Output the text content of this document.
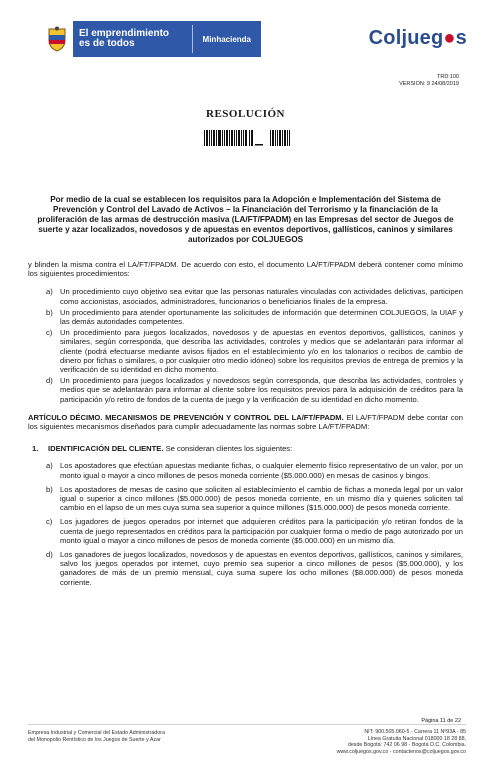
El emprendimiento
es de todos	Minhacienda	Coljueg●s
TRD:100
VERSION: 9 24/08/2019
RESOLUCIÓN
Por medio de la cual se establecen los requisitos para la Adopción e Implementación del Sistema de Prevención y Control del Lavado de Activos – la Financiación del Terrorismo y la financiación de la proliferación de las armas de destrucción masiva (LA/FT/FPADM) en las Empresas del sector de Juegos de suerte y azar localizados, novedosos y de apuestas en eventos deportivos, gallísticos, caninos y similares autorizados por COLJUEGOS

y blinden la misma contra el LA/FT/FPADM. De acuerdo con esto, el documento LA/FT/FPADM deberá contener como mínimo los siguientes procedimientos:

a) Un procedimiento cuyo objetivo sea evitar que las personas naturales vinculadas con actividades delictivas, participen como accionistas, asociados, administradores, funcionarios o beneficiarios finales de la empresa.
b) Un procedimiento para atender oportunamente las solicitudes de información que determinen COLJUEGOS, la UIAF y las demás autoridades competentes.
c)	Un procedimiento para juegos localizados, novedosos y de apuestas en eventos deportivos, gallísticos, caninos y similares, según corresponda, que describa las actividades, controles y medios que se adelantarán para informar al cliente (podrá efectuarse mediante avisos fijados en el establecimiento y/o en los talonarios o recibos de cambio de dinero por fichas o similares, o por cualquier otro medio idóneo) sobre los requisitos previos de entrega de premios y la verificación de su identidad en dicho momento.
d) Un procedimiento para juegos localizados y novedosos según corresponda, que describa las actividades, controles y medios que se adelantarán para informar al cliente sobre los requisitos previos para la adquisición de créditos para la participación y/o retiro de fondos de la cuenta de juego y la verificación de su identidad en dicho momento.

ARTÍCULO DÉCIMO. MECANISMOS DE PREVENCIÓN Y CONTROL DEL LA/FT/FPADM. El LA/FT/FPADM debe contar con los siguientes mecanismos diseñados para cumplir adecuadamente las normas sobre LA/FT/FPADM:

1.	IDENTIFICACIÓN DEL CLIENTE. Se consideran clientes los siguientes:
a) Los apostadores que efectúan apuestas mediante fichas, o cualquier elemento físico representativo de un valor, por un monto igual o mayor a cinco millones de pesos moneda corriente ($5.000.000) en mesas de casinos y bingos.
b) Los apostadores de mesas de casino que soliciten al establecimiento el cambio de fichas a moneda legal por un valor igual o superior a cinco millones ($5.000.000) de pesos moneda corriente, en un mismo día y quienes soliciten tal cambio en el lapso de un mes cuya suma sea superior a quince millones ($15.000.000) de pesos moneda corriente.
c)	Los jugadores de juegos operados por internet que adquieren créditos para la participación y/o retiran fondos de la cuenta de juego representados en créditos para la participación por cualquier forma o medio de pago autorizado por un monto igual o mayor a cinco millones de pesos de moneda corriente ($5.000.000) en un mismo día.
d) Los ganadores de juegos localizados, novedosos y de apuestas en eventos deportivos, gallísticos, caninos y similares, salvo los juegos operados por internet, cuyo premio sea superior a cinco millones de pesos ($5.000.000), y los ganadores de más de un premio mensual, cuya suma supere los ocho millones ($8.000.000) de pesos moneda corriente.
Página 11 de 22
Empresa Industrial y Comercial del Estado Administradora
del Monopolio Rentístico de los Juegos de Suerte y Azar
NIT: 900.505.060-5 - Carrera 11 Nº93A - 85
Línea Gratuita Nacional 018000 18 28 88,
desde Bogotá: 742 06 98 - Bogotá D.C. Colombia.
www.coljuegos.gov.co - contactenos@coljuegos.gov.co
